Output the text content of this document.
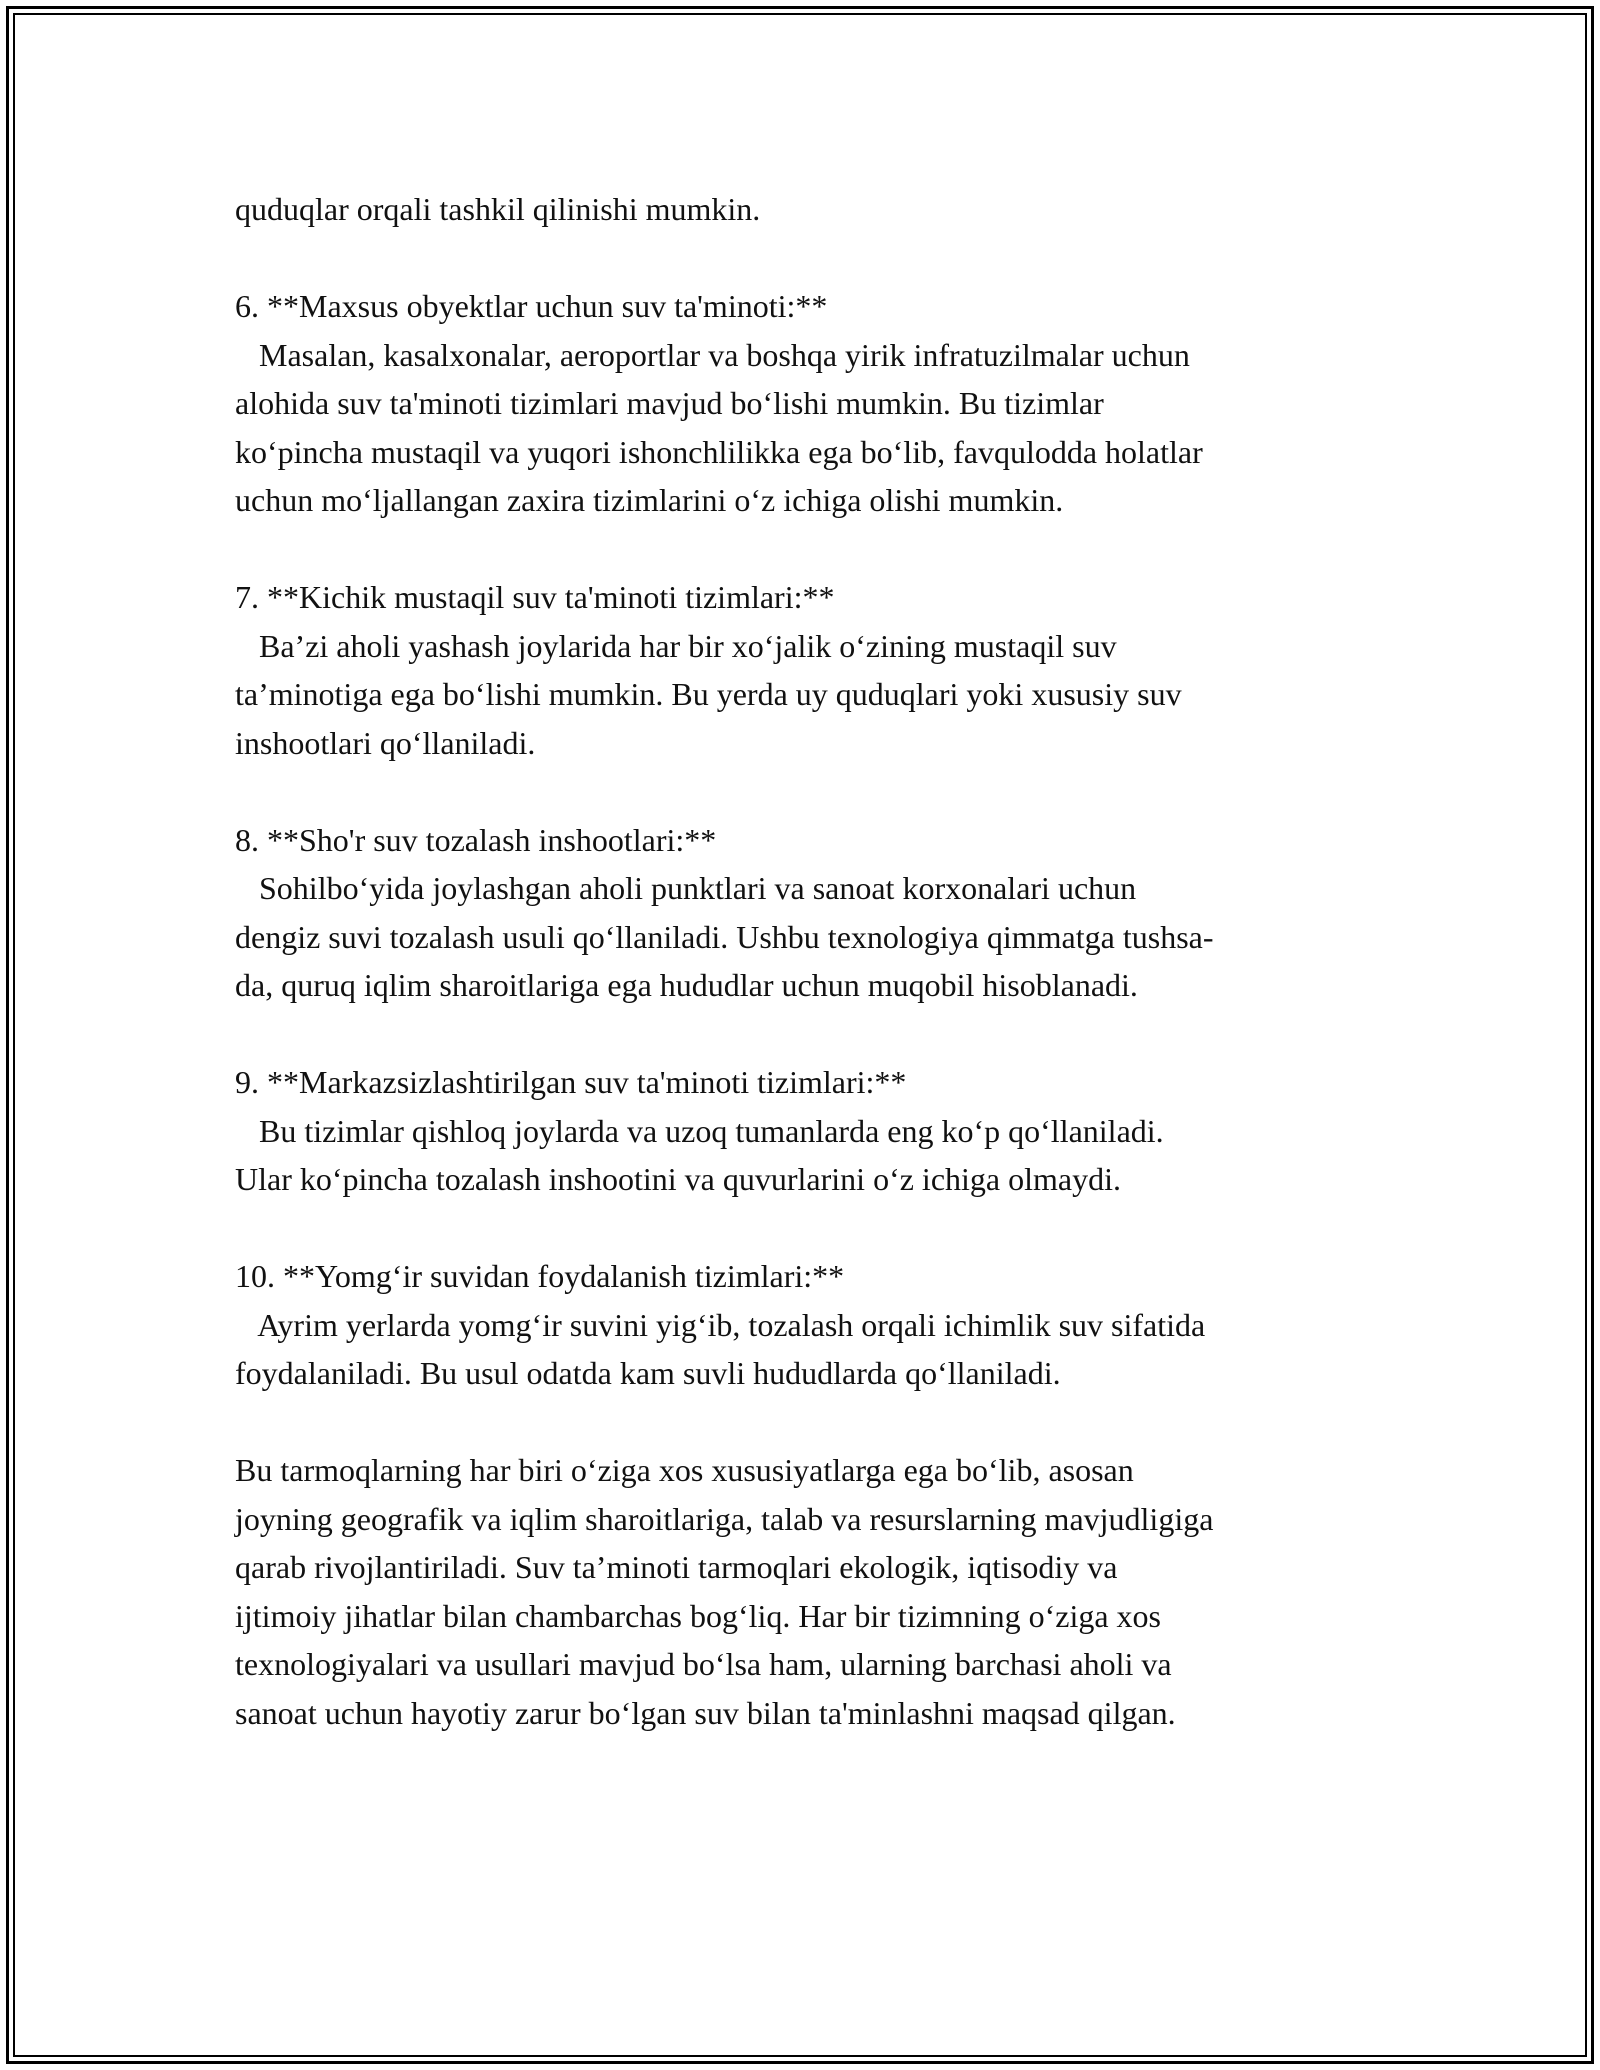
quduqlar orqali tashkil qilinishi mumkin.
6. **Maxsus obyektlar uchun suv ta'minoti:**
Masalan, kasalxonalar, aeroportlar va boshqa yirik infratuzilmalar uchun
alohida suv ta'minoti tizimlari mavjud bo‘lishi mumkin. Bu tizimlar
ko‘pincha mustaqil va yuqori ishonchlilikka ega bo‘lib, favqulodda holatlar
uchun mo‘ljallangan zaxira tizimlarini o‘z ichiga olishi mumkin.
7. **Kichik mustaqil suv ta'minoti tizimlari:**
Ba’zi aholi yashash joylarida har bir xo‘jalik o‘zining mustaqil suv
ta’minotiga ega bo‘lishi mumkin. Bu yerda uy quduqlari yoki xususiy suv
inshootlari qo‘llaniladi.
8. **Sho'r suv tozalash inshootlari:**
Sohilbo‘yida joylashgan aholi punktlari va sanoat korxonalari uchun
dengiz suvi tozalash usuli qo‘llaniladi. Ushbu texnologiya qimmatga tushsa-
da, quruq iqlim sharoitlariga ega hududlar uchun muqobil hisoblanadi.
9. **Markazsizlashtirilgan suv ta'minoti tizimlari:**
Bu tizimlar qishloq joylarda va uzoq tumanlarda eng ko‘p qo‘llaniladi.
Ular ko‘pincha tozalash inshootini va quvurlarini o‘z ichiga olmaydi.
10. **Yomg‘ir suvidan foydalanish tizimlari:**
Ayrim yerlarda yomg‘ir suvini yig‘ib, tozalash orqali ichimlik suv sifatida
foydalaniladi. Bu usul odatda kam suvli hududlarda qo‘llaniladi.
Bu tarmoqlarning har biri o‘ziga xos xususiyatlarga ega bo‘lib, asosan
joyning geografik va iqlim sharoitlariga, talab va resurslarning mavjudligiga
qarab rivojlantiriladi. Suv ta’minoti tarmoqlari ekologik, iqtisodiy va
ijtimoiy jihatlar bilan chambarchas bog‘liq. Har bir tizimning o‘ziga xos
texnologiyalari va usullari mavjud bo‘lsa ham, ularning barchasi aholi va
sanoat uchun hayotiy zarur bo‘lgan suv bilan ta'minlashni maqsad qilgan.
